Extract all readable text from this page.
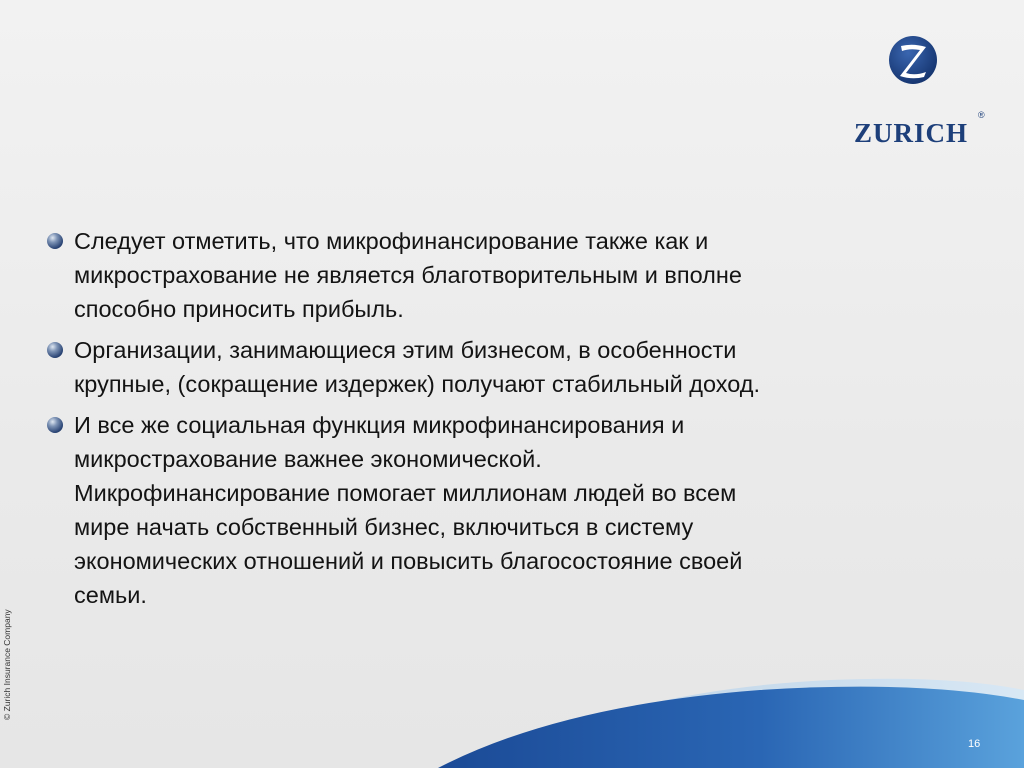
ZURICH
®
Следует отметить, что микрофинансирование также как и
микрострахование не является благотворительным и вполне
способно приносить прибыль.
Организации, занимающиеся этим бизнесом, в особенности
крупные, (сокращение издержек) получают стабильный доход.
И все же социальная функция микрофинансирования и
микрострахование важнее экономической.
Микрофинансирование помогает миллионам людей во всем
мире начать собственный бизнес, включиться в систему
экономических отношений и повысить благосостояние своей
семьи.
© Zurich Insurance Company
16
